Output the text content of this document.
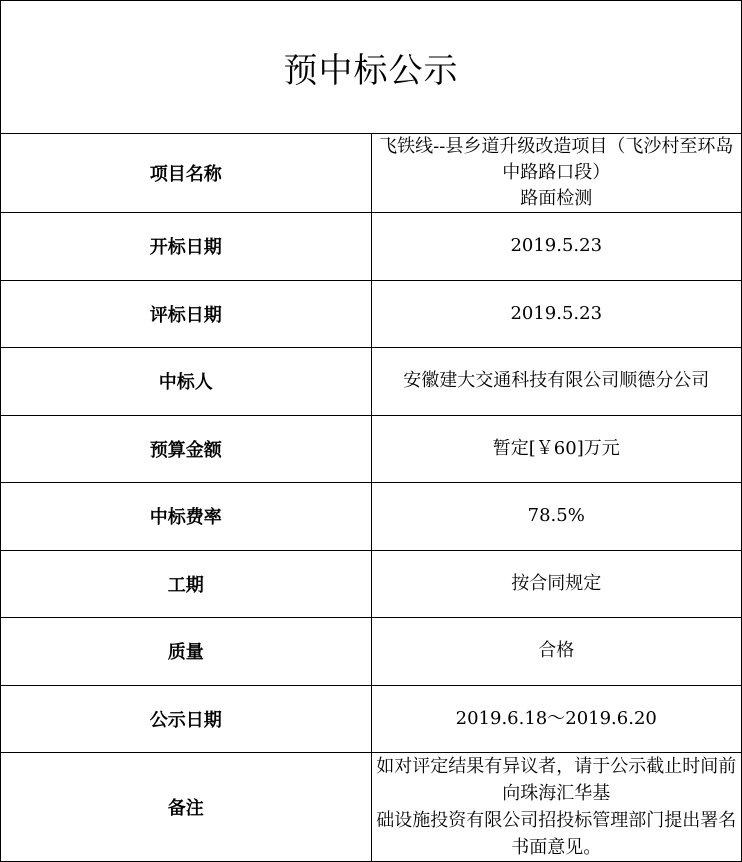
预中标公示	
项目名称	飞铁线--县乡道升级改造项目（飞沙村至环岛中路路口段）
路面检测

开标日期	2019.5.23
评标日期	2019.5.23
中标人	安徽建大交通科技有限公司顺德分公司
预算金额	暂定[￥60]万元
中标费率	78.5%
工期	按合同规定
质量	合格
公示日期	2019.6.18～2019.6.20
备注	如对评定结果有异议者，请于公示截止时间前向珠海汇华基
础设施投资有限公司招投标管理部门提出署名书面意见。
